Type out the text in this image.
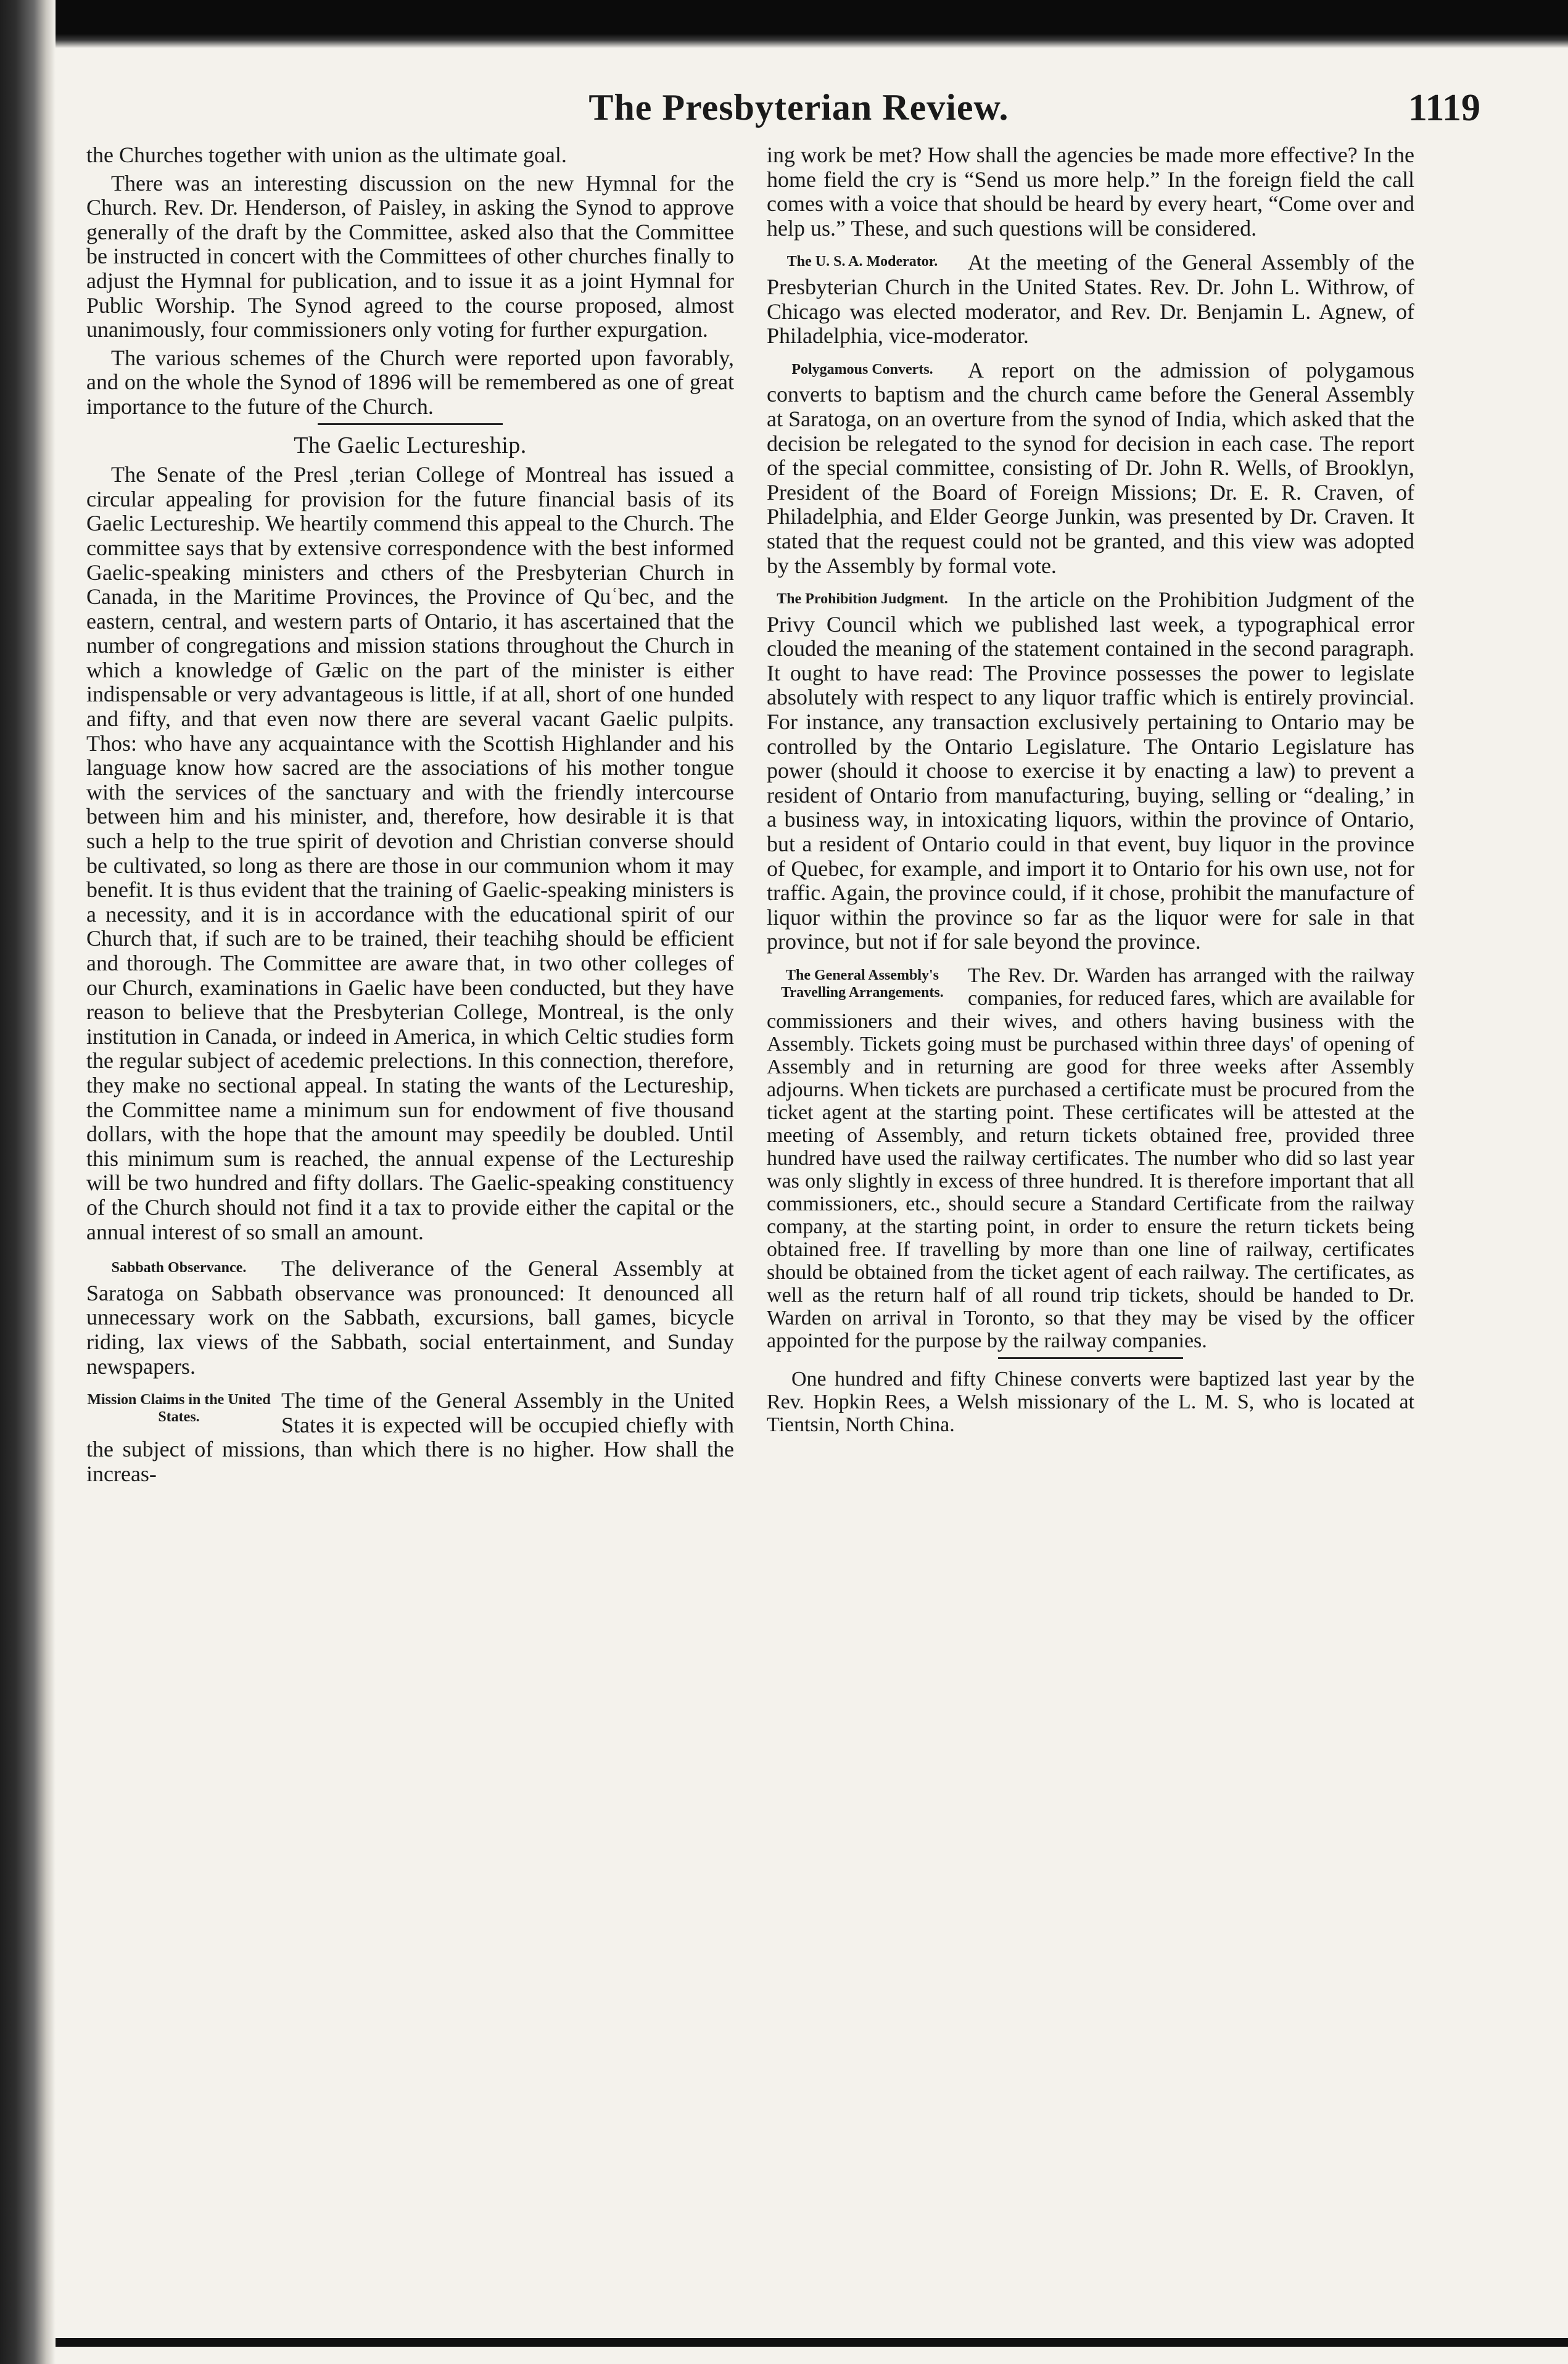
The Presbyterian Review.	1119

the Churches together with union as the ultimate goal.

There was an interesting discussion on the new Hymnal for the Church. Rev. Dr. Henderson, of Paisley, in asking the Synod to approve generally of the draft by the Committee, asked also that the Committee be instructed in concert with the Committees of other churches finally to adjust the Hymnal for publication, and to issue it as a joint Hymnal for Public Worship. The Synod agreed to the course proposed, almost unanimously, four commissioners only voting for further expurgation.

The various schemes of the Church were reported upon favorably, and on the whole the Synod of 1896 will be remembered as one of great importance to the future of the Church.

The Gaelic Lectureship.

The Senate of the Presl ,terian College of Montreal has issued a circular appealing for provision for the future financial basis of its Gaelic Lectureship. We heartily commend this appeal to the Church. The committee says that by extensive correspondence with the best informed Gaelic-speaking ministers and cthers of the Presbyterian Church in Canada, in the Maritime Provinces, the Province of Quʿbec, and the eastern, central, and western parts of Ontario, it has ascertained that the number of congregations and mission stations throughout the Church in which a knowledge of Gælic on the part of the minister is either indispensable or very advantageous is little, if at all, short of one hunded and fifty, and that even now there are several vacant Gaelic pulpits. Thos: who have any acquaintance with the Scottish Highlander and his language know how sacred are the associations of his mother tongue with the services of the sanctuary and with the friendly intercourse between him and his minister, and, therefore, how desirable it is that such a help to the true spirit of devotion and Christian converse should be cultivated, so long as there are those in our communion whom it may benefit. It is thus evident that the training of Gaelic-speaking ministers is a necessity, and it is in accordance with the educational spirit of our Church that, if such are to be trained, their teachihg should be efficient and thorough. The Committee are aware that, in two other colleges of our Church, examinations in Gaelic have been conducted, but they have reason to believe that the Presbyterian College, Montreal, is the only institution in Canada, or indeed in America, in which Celtic studies form the regular subject of acedemic prelections. In this connection, therefore, they make no sectional appeal. In stating the wants of the Lectureship, the Committee name a minimum sun for endowment of five thousand dollars, with the hope that the amount may speedily be doubled. Until this minimum sum is reached, the annual expense of the Lectureship will be two hundred and fifty dollars. The Gaelic-speaking constituency of the Church should not find it a tax to provide either the capital or the annual interest of so small an amount.

Sabbath Observance.	The deliverance of the General Assembly at Saratoga on Sabbath observance was pronounced: It denounced all unnecessary work on the Sabbath, excursions, ball games, bicycle riding, lax views of the Sabbath, social entertainment, and Sunday newspapers.

Mission Claims in the United States.

The time of the General Assembly in the United States it is expected will be occupied chiefly with the subject of missions, than which there is no higher. How shall the increas-

ing work be met? How shall the agencies be made more effective? In the home field the cry is “Send us more help.” In the foreign field the call comes with a voice that should be heard by every heart, “Come over and help us.” These, and such questions will be considered.

The U. S. A. Moderator.	At the meeting of the General Assembly of the Presbyterian Church in the United States. Rev. Dr. John L. Withrow, of Chicago was elected moderator, and Rev. Dr. Benjamin L. Agnew, of Philadelphia, vice-moderator.

Polygamous Converts.	A report on the admission of polygamous converts to baptism and the church came before the General Assembly at Saratoga, on an overture from the synod of India, which asked that the decision be relegated to the synod for decision in each case. The report of the special committee, consisting of Dr. John R. Wells, of Brooklyn, President of the Board of Foreign Missions; Dr. E. R. Craven, of Philadelphia, and Elder George Junkin, was presented by Dr. Craven. It stated that the request could not be granted, and this view was adopted by the Assembly by formal vote.

The Prohibition Judgment. In the article on the Prohibition Judgment of the Privy Council which we published last week, a typographical error clouded the meaning of the statement contained in the second paragraph. It ought to have read: The Province possesses the power to legislate absolutely with respect to any liquor traffic which is entirely provincial. For instance, any transaction exclusively pertaining to Ontario may be controlled by the Ontario Legislature. The Ontario Legislature has power (should it choose to exercise it by enacting a law) to prevent a resident of Ontario from manufacturing, buying, selling or “dealing,’ in a business way, in intoxicating liquors, within the province of Ontario, but a resident of Ontario could in that event, buy liquor in the province of Quebec, for example, and import it to Ontario for his own use, not for traffic. Again, the province could, if it chose, prohibit the manufacture of liquor within the province so far as the liquor were for sale in that province, but not if for sale beyond the province.

The General Assembly's Travelling Arrangements.

The Rev. Dr. Warden has arranged with the railway companies, for reduced fares, which are available for commissioners and their wives, and others having business with the Assembly. Tickets going must be purchased within three days' of opening of Assembly and in returning are good for three weeks after Assembly adjourns. When tickets are purchased a certificate must be procured from the ticket agent at the starting point. These certificates will be attested at the meeting of Assembly, and return tickets obtained free, provided three hundred have used the railway certificates. The number who did so last year was only slightly in excess of three hundred. It is therefore important that all commissioners, etc., should secure a Standard Certificate from the railway company, at the starting point, in order to ensure the return tickets being obtained free. If travelling by more than one line of railway, certificates should be obtained from the ticket agent of each railway. The certificates, as well as the return half of all round trip tickets, should be handed to Dr. Warden on arrival in Toronto, so that they may be vised by the officer appointed for the purpose by the railway companies.

One hundred and fifty Chinese converts were baptized last year by the Rev. Hopkin Rees, a Welsh missionary of the L. M. S, who is located at Tientsin, North China.
